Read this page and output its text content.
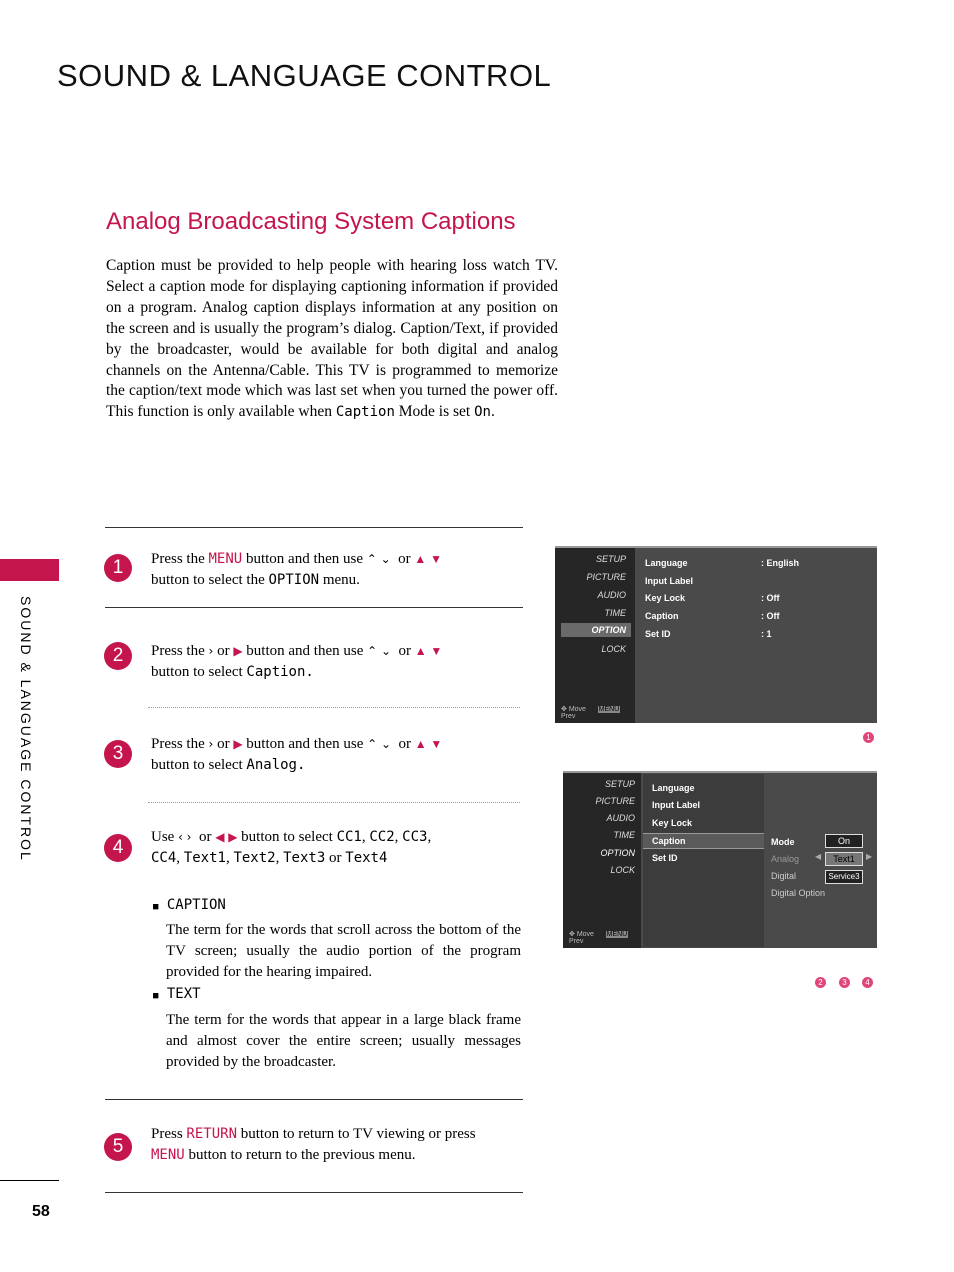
SOUND & LANGUAGE CONTROL
Analog Broadcasting System Captions
Caption must be provided to help people with hearing loss watch TV. Select a caption mode for displaying captioning information if provided on a program. Analog caption displays information at any position on the screen and is usually the program’s dialog. Caption/Text, if provided by the broadcaster, would be available for both digital and analog channels on the Antenna/Cable. This TV is programmed to memorize the caption/text mode which was last set when you turned the power off. This function is only available when Caption Mode is set On.
SOUND & LANGUAGE CONTROL
58
1	Press the MENU button and then use ⌃ ⌄ or ▲ ▼
button to select the OPTION menu.
2	Press the › or ▶ button and then use ⌃ ⌄ or ▲ ▼
button to select Caption.
3	Press the › or ▶ button and then use ⌃ ⌄ or ▲ ▼
button to select Analog.
4	Use ‹ › or ◀ ▶ button to select CC1, CC2, CC3,
CC4, Text1, Text2, Text3 or Text4
■ CAPTION
The term for the words that scroll across the bottom of the TV screen; usually the audio portion of the program provided for the hearing impaired.
■ TEXT
The term for the words that appear in a large black frame and almost cover the entire screen; usually messages provided by the broadcaster.
5
Press RETURN button to return to TV viewing or press
MENU button to return to the previous menu.
SETUP
PICTURE
AUDIO
TIME
OPTION
LOCK
✥ Move MENU Prev
Language	: English
Input Label
Key Lock	: Off
Caption	: Off
Set ID	: 1
1
SETUP
PICTURE
AUDIO
TIME
OPTION
LOCK
✥ Move MENU Prev
Language
Input Label
Key Lock
Caption
Set ID
Mode	On
Analog ◀	Text1	▶
Digital	Service3
Digital Option
2	3	4
